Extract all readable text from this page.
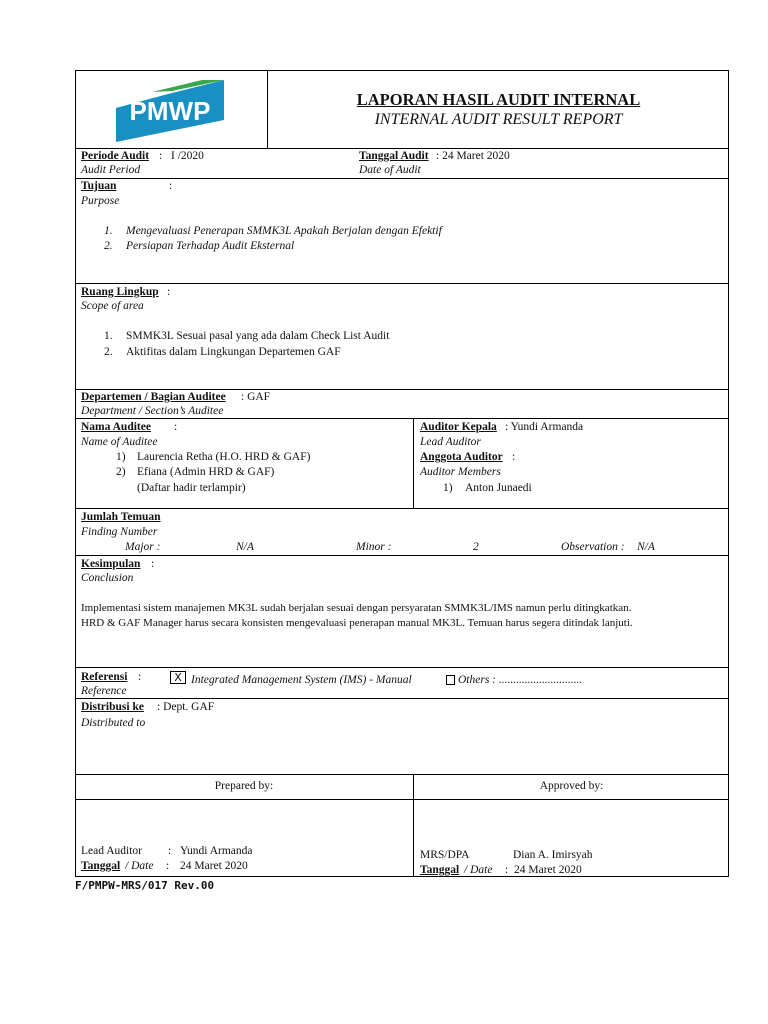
PMWP	LAPORAN HASIL AUDIT INTERNAL
INTERNAL AUDIT RESULT REPORT
Periode Audit : I /2020
Audit Period
Tanggal Audit : 24 Maret 2020
Date of Audit
Tujuan	:
Purpose
1. Mengevaluasi Penerapan SMMK3L Apakah Berjalan dengan Efektif
2. Persiapan Terhadap Audit Eksternal
Ruang Lingkup :
Scope of area
1. SMMK3L Sesuai pasal yang ada dalam Check List Audit
2. Aktifitas dalam Lingkungan Departemen GAF
Departemen / Bagian Auditee : GAF
Department / Section’s Auditee
Nama Auditee :
Name of Auditee
1) Laurencia Retha (H.O. HRD & GAF)
2) Efiana (Admin HRD & GAF)
(Daftar hadir terlampir)
Auditor Kepala : Yundi Armanda
Lead Auditor
Anggota Auditor :
Auditor Members
1) Anton Junaedi
Jumlah Temuan
Finding Number
Major :	N/A	Minor :	2	Observation : N/A
Kesimpulan :
Conclusion
Implementasi sistem manajemen MK3L sudah berjalan sesuai dengan persyaratan SMMK3L/IMS namun perlu ditingkatkan.
HRD & GAF Manager harus secara konsisten mengevaluasi penerapan manual MK3L. Temuan harus segera ditindak lanjuti.
Referensi :
Reference
X Integrated Management System (IMS) - Manual	Others : .............................
Distribusi ke : Dept. GAF
Distributed to
Prepared by:	Approved by:
Lead Auditor : Yundi Armanda
Tanggal / Date : 24 Maret 2020
MRS/DPA	Dian A. Imirsyah
Tanggal / Date : 24 Maret 2020
F/PMPW-MRS/017 Rev.00
